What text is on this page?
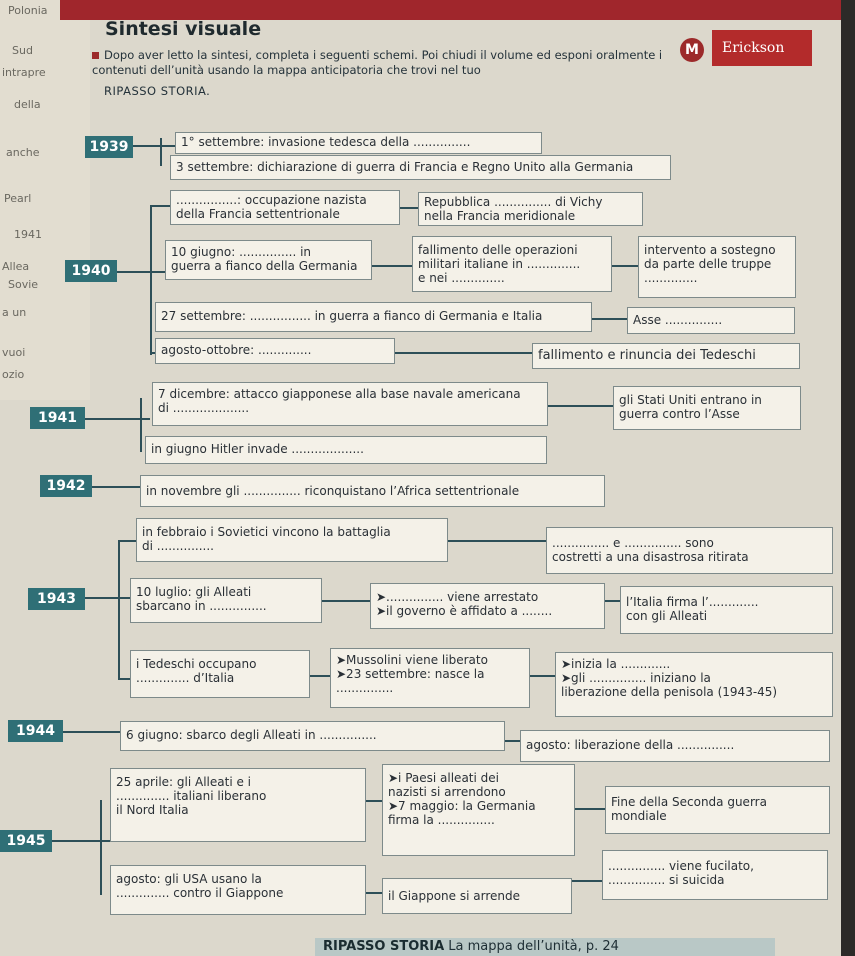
Polonia
Sud
intrapre
della
anche
Pearl
1941
Allea
Sovie
a un
vuoi
ozio
Sintesi visuale
M	Erickson
Dopo aver letto la sintesi, completa i seguenti schemi. Poi chiudi il volume ed esponi oralmente i contenuti dell’unità usando la mappa anticipatoria che trovi nel tuo
RIPASSO STORIA.
1939
1940
1941
1942
1943
1944
1945
1° settembre: invasione tedesca della ...............
3 settembre: dichiarazione di guerra di Francia e Regno Unito alla Germania
................: occupazione nazista
della Francia settentrionale
Repubblica ............... di Vichy
nella Francia meridionale
10 giugno: ............... in
guerra a fianco della Germania
fallimento delle operazioni
militari italiane in ..............
e nei ..............
intervento a sostegno
da parte delle truppe
..............
27 settembre: ................ in guerra a fianco di Germania e Italia	Asse ...............
agosto-ottobre: ..............	fallimento e rinuncia dei Tedeschi
7 dicembre: attacco giapponese alla base navale americana
di ....................
gli Stati Uniti entrano in
guerra contro l’Asse
in giugno Hitler invade ...................
in novembre gli ............... riconquistano l’Africa settentrionale
in febbraio i Sovietici vincono la battaglia
di ...............	............... e ............... sono
costretti a una disastrosa ritirata
10 luglio: gli Alleati
sbarcano in ...............
➤............... viene arrestato
➤il governo è affidato a ........
l’Italia firma l’.............
con gli Alleati
i Tedeschi occupano
.............. d’Italia
➤Mussolini viene liberato
➤23 settembre: nasce la
...............
➤inizia la .............
➤gli ............... iniziano la
liberazione della penisola (1943-45)
6 giugno: sbarco degli Alleati in ...............
agosto: liberazione della ...............
25 aprile: gli Alleati e i
.............. italiani liberano
il Nord Italia
➤i Paesi alleati dei
nazisti si arrendono
➤7 maggio: la Germania
firma la ...............
Fine della Seconda guerra
mondiale
............... viene fucilato,
............... si suicida
agosto: gli USA usano la
.............. contro il Giappone	il Giappone si arrende
RIPASSO STORIA La mappa dell’unità, p. 24
